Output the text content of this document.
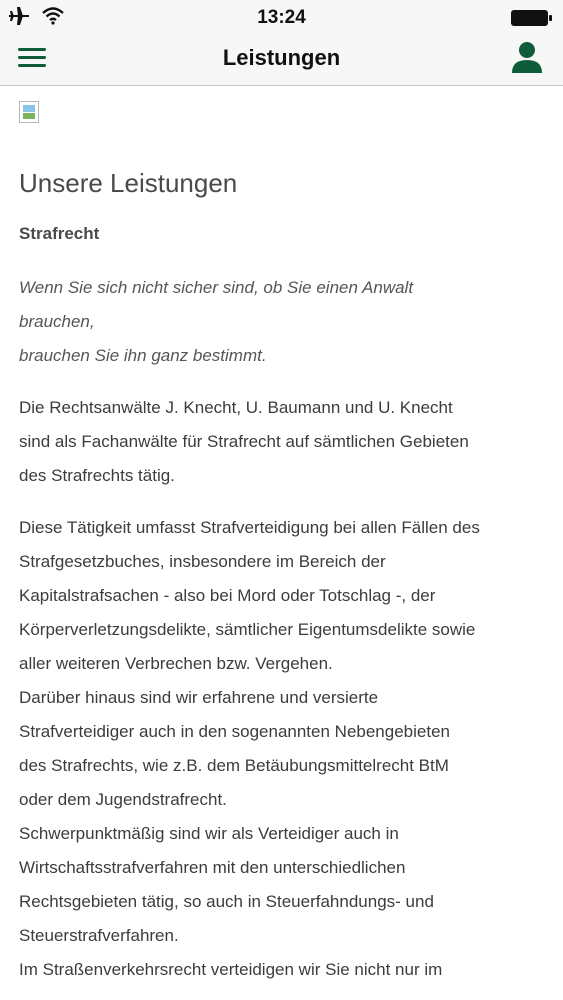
13:24
Leistungen
Unsere Leistungen
Strafrecht
Wenn Sie sich nicht sicher sind, ob Sie einen Anwalt
brauchen,
brauchen Sie ihn ganz bestimmt.
Die Rechtsanwälte J. Knecht, U. Baumann und U. Knecht
sind als Fachanwälte für Strafrecht auf sämtlichen Gebieten
des Strafrechts tätig.
Diese Tätigkeit umfasst Strafverteidigung bei allen Fällen des
Strafgesetzbuches, insbesondere im Bereich der
Kapitalstrafsachen - also bei Mord oder Totschlag -, der
Körperverletzungsdelikte, sämtlicher Eigentumsdelikte sowie
aller weiteren Verbrechen bzw. Vergehen.
Darüber hinaus sind wir erfahrene und versierte
Strafverteidiger auch in den sogenannten Nebengebieten
des Strafrechts, wie z.B. dem Betäubungsmittelrecht BtM
oder dem Jugendstrafrecht.
Schwerpunktmäßig sind wir als Verteidiger auch in
Wirtschaftsstrafverfahren mit den unterschiedlichen
Rechtsgebieten tätig, so auch in Steuerfahndungs- und
Steuerstrafverfahren.
Im Straßenverkehrsrecht verteidigen wir Sie nicht nur im
